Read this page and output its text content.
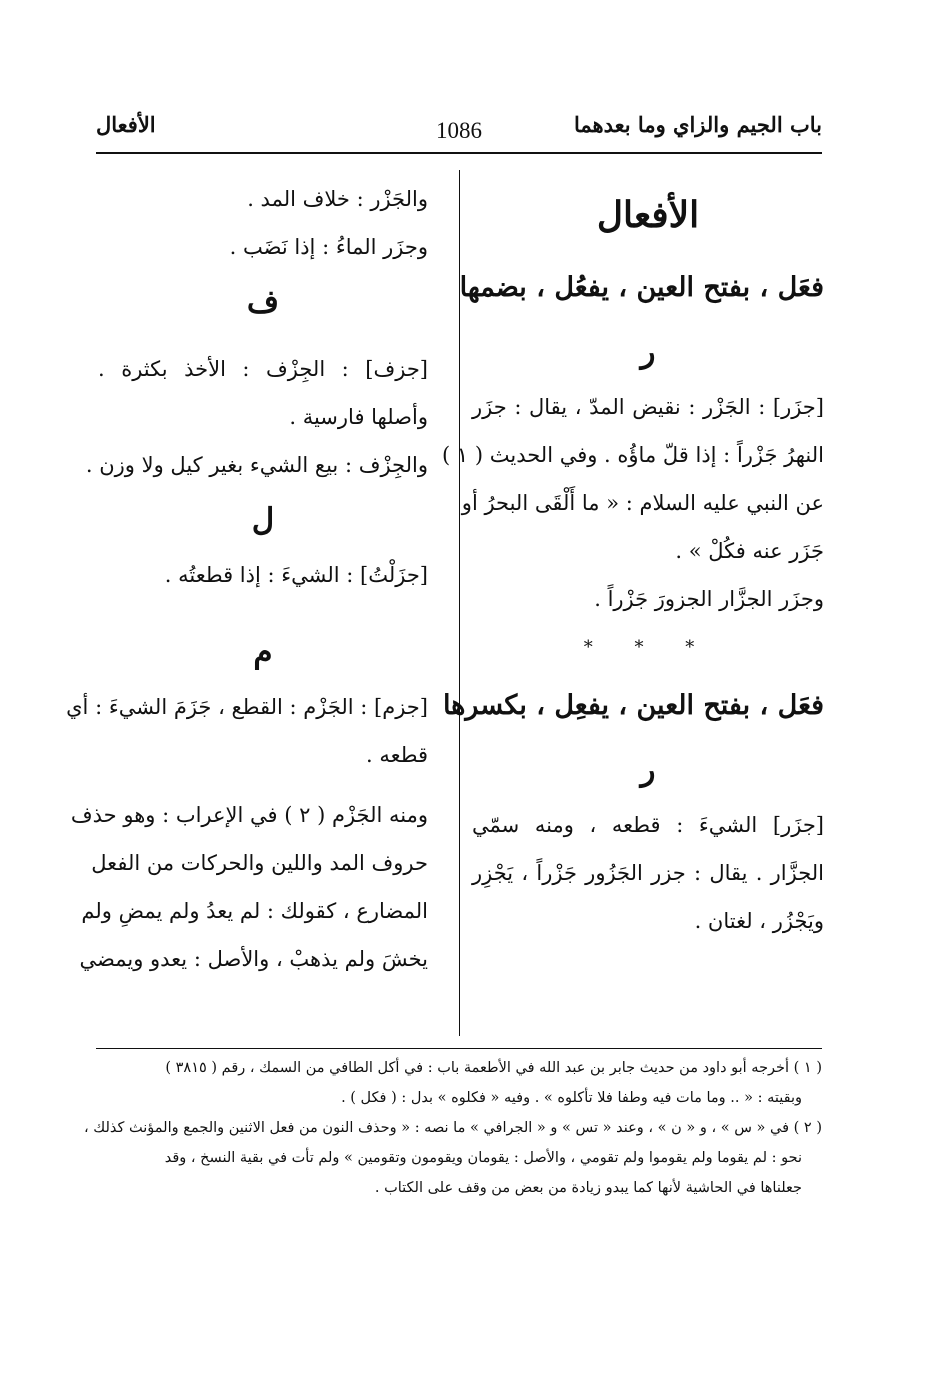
باب الجيم والزاي وما بعدهما
1086
الأفعال
الأفعال
فعَل ، بفتح العين ، يفعُل ، بضمها
ر

[جزَر] : الجَزْر : نقيض المدّ ، يقال : جزَر

النهرُ جَزْراً : إذا قلّ ماؤُه . وفي الحديث ( ١ )

عن النبي عليه السلام : « ما أَلْقَى البحرُ أو

جَزَر عنه فكُلْ » .

وجزَر الجزَّار الجزورَ جَزْراً .

* * *
فعَل ، بفتح العين ، يفعِل ، بكسرها
ر

[جزَر] الشيءَ : قطعه ، ومنه سمّي

الجزَّار . يقال : جزر الجَزُور جَزْراً ، يَجْزِر

ويَجْزُر ، لغتان .

والجَزْر : خلاف المد .

وجزَر الماءُ : إذا نَضَب .

ف

[جزف] : الجِزْف : الأخذ بكثرة .

وأصلها فارسية .

والجِزْف : بيع الشيء بغير كيل ولا وزن .

ل

[جزَلْتُ] : الشيءَ : إذا قطعتُه .

م

[جزم] : الجَزْم : القطع ، جَزَمَ الشيءَ : أي

قطعه .

ومنه الجَزْم ( ٢ ) في الإعراب : وهو حذف

حروف المد واللين والحركات من الفعل

المضارع ، كقولك : لم يعدُ ولم يمضِ ولم

يخشَ ولم يذهبْ ، والأصل : يعدو ويمضي

( ١ ) أخرجه أبو داود من حديث جابر بن عبد الله في الأطعمة باب : في أكل الطافي من السمك ، رقم ( ٣٨١٥ )

وبقيته : « .. وما مات فيه وطفا فلا تأكلوه » . وفيه « فكلوه » بدل : ( فكل ) .

( ٢ ) في « س » ، و « ن » ، وعند « تس » و « الجرافي » ما نصه : « وحذف النون من فعل الاثنين والجمع والمؤنث كذلك ،

نحو : لم يقوما ولم يقوموا ولم تقومي ، والأصل : يقومان ويقومون وتقومين » ولم تأت في بقية النسخ ، وقد

جعلناها في الحاشية لأنها كما يبدو زيادة من بعض من وقف على الكتاب .
